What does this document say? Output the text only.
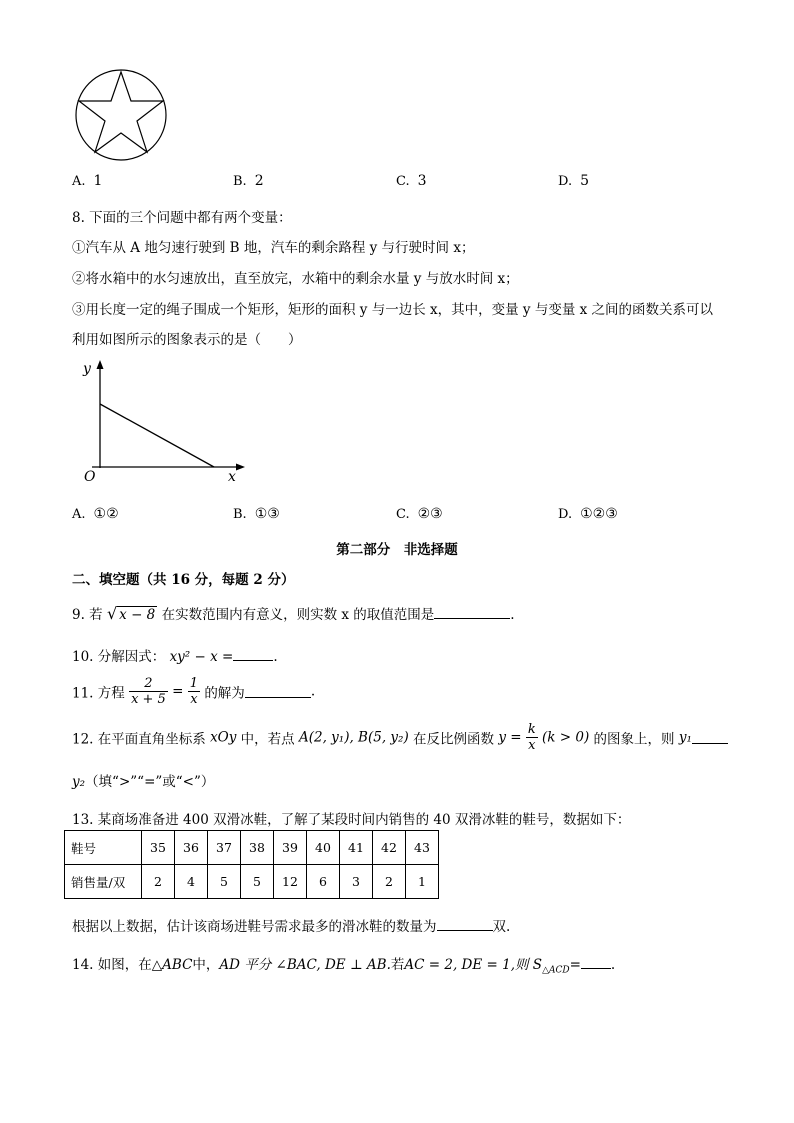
A. 1	B. 2	C. 3	D. 5
8. 下面的三个问题中都有两个变量：
①汽车从 A 地匀速行驶到 B 地，汽车的剩余路程 y 与行驶时间 x；
②将水箱中的水匀速放出，直至放完，水箱中的剩余水量 y 与放水时间 x；
③用长度一定的绳子围成一个矩形，矩形的面积 y 与一边长 x，其中，变量 y 与变量 x 之间的函数关系可以
利用如图所示的图象表示的是（　　）
y
x
O
A. ①②	B. ①③	C. ②③	D. ①②③
第二部分　非选择题
二、填空题（共 16 分，每题 2 分）
9. 若 √ x − 8 在实数范围内有意义，则实数 x 的取值范围是	.
10. 分解因式： xy² − x =	.
11. 方程 $\frac{2}{x + 5} = \frac{1}{x}$ 的解为	.
12. 在平面直角坐标系 xOy 中，若点 A(2, y₁), B(5, y₂) 在反比例函数 $y = \frac{k}{x} (k > 0)$ 的图象上，则 y₁
y₂（填“>”“=”或“<”）
13. 某商场准备进 400 双滑冰鞋，了解了某段时间内销售的 40 双滑冰鞋的鞋号，数据如下：
鞋号	35	36	37	38	39	40	41	42	43
销售量/双	2	4	5	5	12	6	3	2	1
根据以上数据，估计该商场进鞋号需求最多的滑冰鞋的数量为	双.
14. 如图，在△ABC中，AD 平分 ∠BAC, DE ⊥ AB.若AC = 2, DE = 1,则 $S_{\triangle ACD}=$ .
